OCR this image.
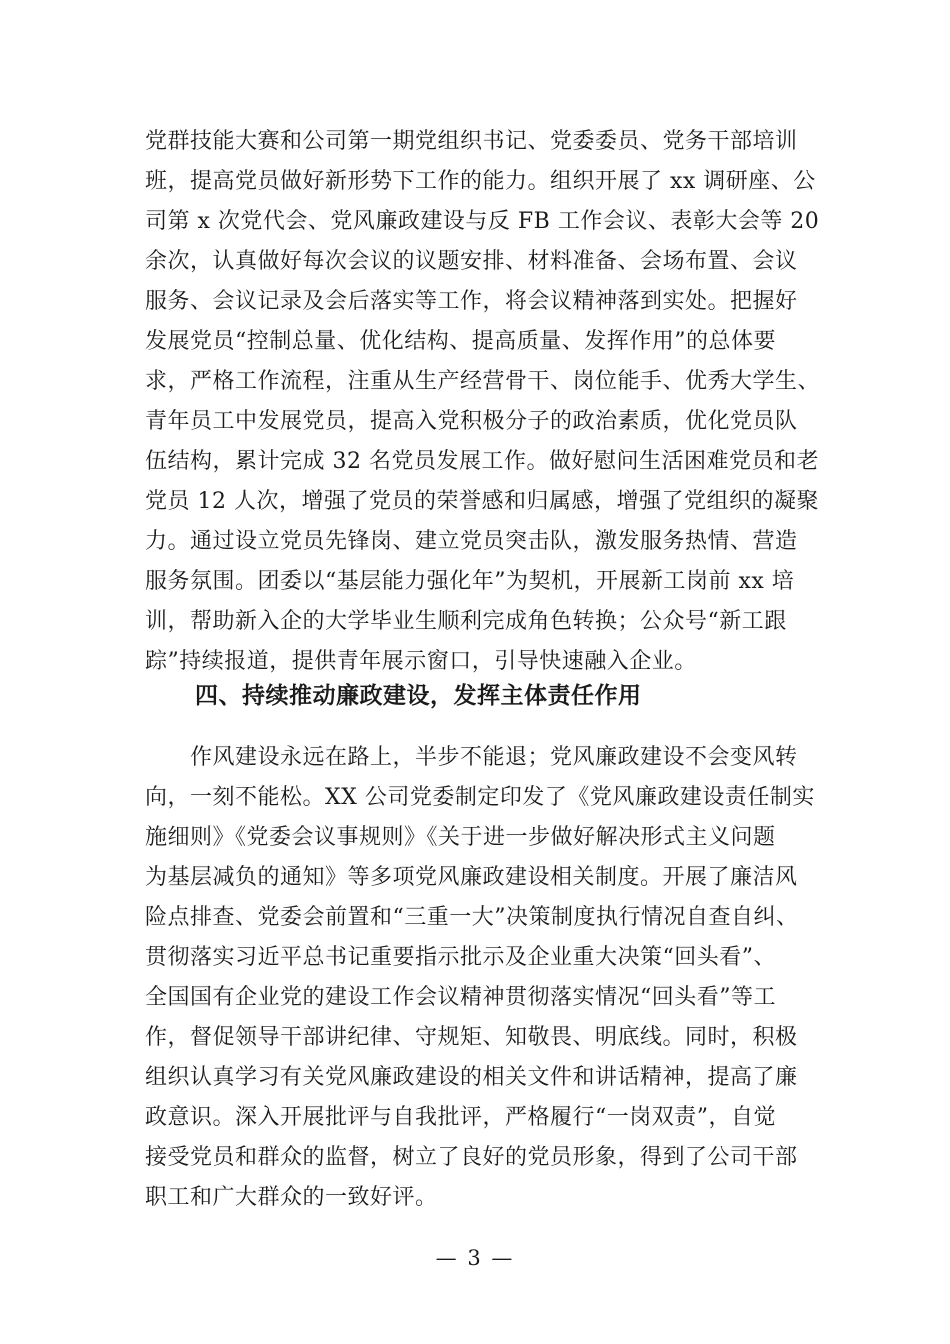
党群技能大赛和公司第一期党组织书记、党委委员、党务干部培训
班，提高党员做好新形势下工作的能力。组织开展了 xx 调研座、公
司第 x 次党代会、党风廉政建设与反 FB 工作会议、表彰大会等 20
余次，认真做好每次会议的议题安排、材料准备、会场布置、会议
服务、会议记录及会后落实等工作，将会议精神落到实处。把握好
发展党员“控制总量、优化结构、提高质量、发挥作用”的总体要
求，严格工作流程，注重从生产经营骨干、岗位能手、优秀大学生、
青年员工中发展党员，提高入党积极分子的政治素质，优化党员队
伍结构，累计完成 32 名党员发展工作。做好慰问生活困难党员和老
党员 12 人次，增强了党员的荣誉感和归属感，增强了党组织的凝聚
力。通过设立党员先锋岗、建立党员突击队，激发服务热情、营造
服务氛围。团委以“基层能力强化年”为契机，开展新工岗前 xx 培
训，帮助新入企的大学毕业生顺利完成角色转换；公众号“新工跟
踪”持续报道，提供青年展示窗口，引导快速融入企业。
四、持续推动廉政建设，发挥主体责任作用
作风建设永远在路上，半步不能退；党风廉政建设不会变风转
向，一刻不能松。XX 公司党委制定印发了《党风廉政建设责任制实
施细则》《党委会议事规则》《关于进一步做好解决形式主义问题
为基层减负的通知》等多项党风廉政建设相关制度。开展了廉洁风
险点排查、党委会前置和“三重一大”决策制度执行情况自查自纠、
贯彻落实习近平总书记重要指示批示及企业重大决策“回头看”、
全国国有企业党的建设工作会议精神贯彻落实情况“回头看”等工
作，督促领导干部讲纪律、守规矩、知敬畏、明底线。同时，积极
组织认真学习有关党风廉政建设的相关文件和讲话精神，提高了廉
政意识。深入开展批评与自我批评，严格履行“一岗双责”，自觉
接受党员和群众的监督，树立了良好的党员形象，得到了公司干部
职工和广大群众的一致好评。
— 3 —
